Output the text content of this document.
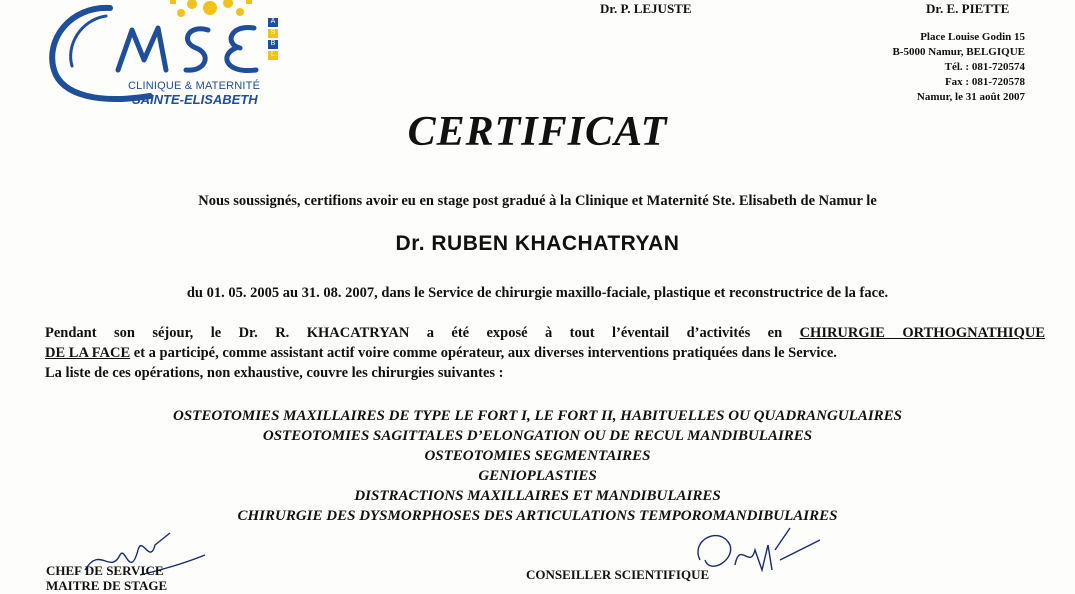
CLINIQUE & MATERNITÉ
SAINTE-ELISABETH
A
S
B
L
Dr. P. LEJUSTE	Dr. E. PIETTE
Place Louise Godin 15
B-5000 Namur, BELGIQUE
Tél. : 081-720574
Fax : 081-720578
Namur, le 31 août 2007
CERTIFICAT
Nous soussignés, certifions avoir eu en stage post gradué à la Clinique et Maternité Ste. Elisabeth de Namur le
Dr. RUBEN KHACHATRYAN
du 01. 05. 2005 au 31. 08. 2007, dans le Service de chirurgie maxillo-faciale, plastique et reconstructrice de la face.
Pendant son séjour, le Dr. R. KHACATRYAN a été exposé à tout l’éventail d’activités en CHIRURGIE ORTHOGNATHIQUE
DE LA FACE et a participé, comme assistant actif voire comme opérateur, aux diverses interventions pratiquées dans le Service.
La liste de ces opérations, non exhaustive, couvre les chirurgies suivantes :
OSTEOTOMIES MAXILLAIRES DE TYPE LE FORT I, LE FORT II, HABITUELLES OU QUADRANGULAIRES
OSTEOTOMIES SAGITTALES D’ELONGATION OU DE RECUL MANDIBULAIRES
OSTEOTOMIES SEGMENTAIRES
GENIOPLASTIES
DISTRACTIONS MAXILLAIRES ET MANDIBULAIRES
CHIRURGIE DES DYSMORPHOSES DES ARTICULATIONS TEMPOROMANDIBULAIRES
CHEF DE SERVICE
MAITRE DE STAGE
CONSEILLER SCIENTIFIQUE
